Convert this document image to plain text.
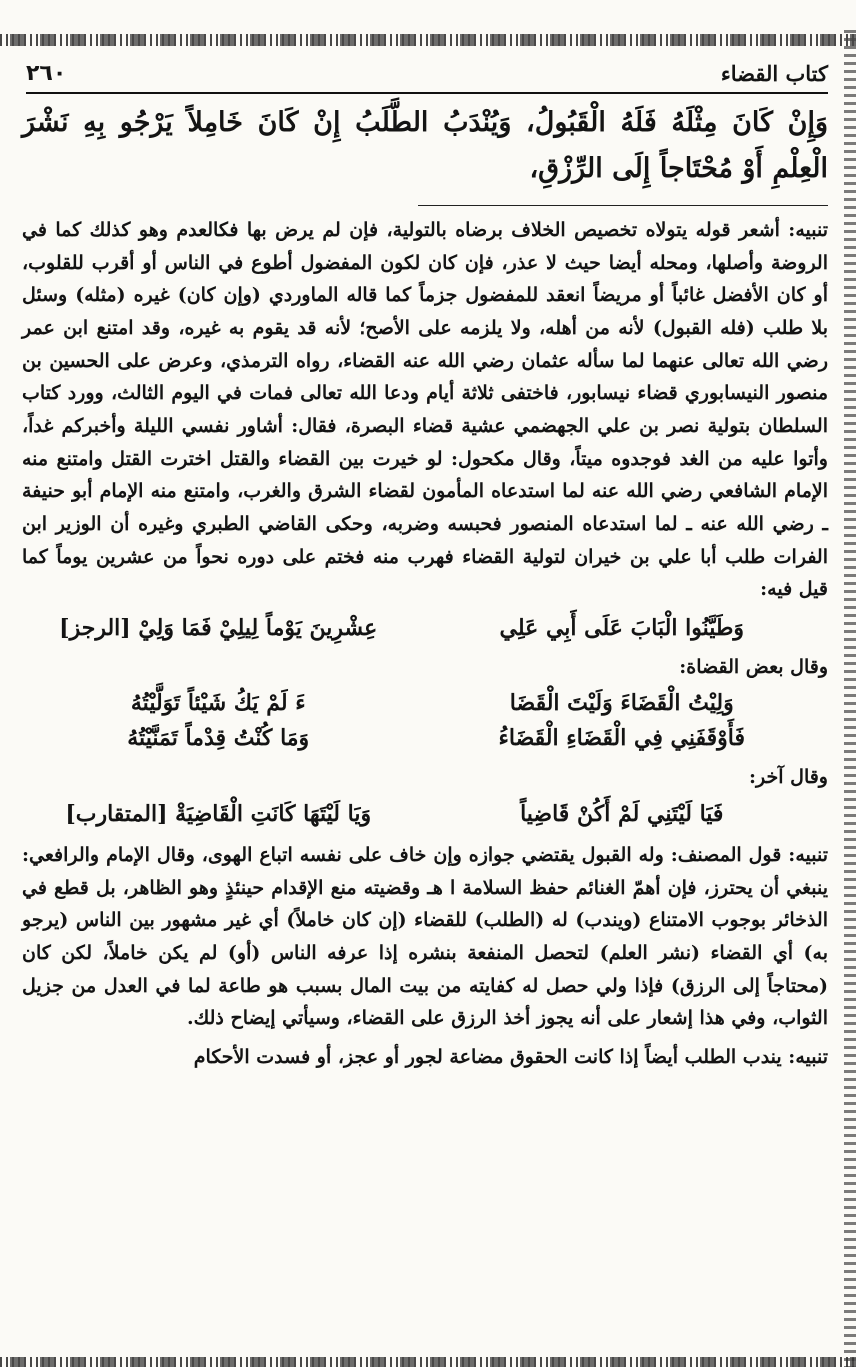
كتاب القضاء
٢٦٠
وَإِنْ كَانَ مِثْلَهُ فَلَهُ الْقَبُولُ، وَيُنْدَبُ الطَّلَبُ إِنْ كَانَ خَامِلاً يَرْجُو بِهِ نَشْرَ الْعِلْمِ أَوْ مُحْتَاجاً إِلَى الرِّزْقِ،

تنبيه: أشعر قوله يتولاه تخصيص الخلاف برضاه بالتولية، فإن لم يرض بها فكالعدم وهو كذلك كما في الروضة وأصلها، ومحله أيضا حيث لا عذر، فإن كان لكون المفضول أطوع في الناس أو أقرب للقلوب، أو كان الأفضل غائباً أو مريضاً انعقد للمفضول جزماً كما قاله الماوردي (وإن كان) غيره (مثله) وسئل بلا طلب (فله القبول) لأنه من أهله، ولا يلزمه على الأصح؛ لأنه قد يقوم به غيره، وقد امتنع ابن عمر رضي الله تعالى عنهما لما سأله عثمان رضي الله عنه القضاء، رواه الترمذي، وعرض على الحسين بن منصور النيسابوري قضاء نيسابور، فاختفى ثلاثة أيام ودعا الله تعالى فمات في اليوم الثالث، وورد كتاب السلطان بتولية نصر بن علي الجهضمي عشية قضاء البصرة، فقال: أشاور نفسي الليلة وأخبركم غداً، وأتوا عليه من الغد فوجدوه ميتاً، وقال مكحول: لو خيرت بين القضاء والقتل اخترت القتل وامتنع منه الإمام الشافعي رضي الله عنه لما استدعاه المأمون لقضاء الشرق والغرب، وامتنع منه الإمام أبو حنيفة ـ رضي الله عنه ـ لما استدعاه المنصور فحبسه وضربه، وحكى القاضي الطبري وغيره أن الوزير ابن الفرات طلب أبا علي بن خيران لتولية القضاء فهرب منه فختم على دوره نحواً من عشرين يوماً كما قيل فيه:

وَطَيَّنُوا الْبَابَ عَلَى أَبِي عَلِي
عِشْرِينَ يَوْماً لِيلِيْ فَمَا وَلِيْ [الرجز]
وقال بعض القضاة:
وَلِيْتُ الْقَضَاءَ وَلَيْتَ الْقَضَا
ءَ لَمْ يَكُ شَيْئاً تَوَلَّيْتُهُ
فَأَوْقَفَنِي فِي الْقَضَاءِ الْقَضَاءُ
وَمَا كُنْتُ قِدْماً تَمَنَّيْتُهُ
وقال آخر:
فَيَا لَيْتَنِي لَمْ أَكُنْ قَاضِياً
وَيَا لَيْتَهَا كَانَتِ الْقَاضِيَةْ [المتقارب]

تنبيه: قول المصنف: وله القبول يقتضي جوازه وإن خاف على نفسه اتباع الهوى، وقال الإمام والرافعي: ينبغي أن يحترز، فإن أهمّ الغنائم حفظ السلامة ا هـ وقضيته منع الإقدام حينئذٍ وهو الظاهر، بل قطع في الذخائر بوجوب الامتناع (ويندب) له (الطلب) للقضاء (إن كان خاملاً) أي غير مشهور بين الناس (يرجو به) أي القضاء (نشر العلم) لتحصل المنفعة بنشره إذا عرفه الناس (أو) لم يكن خاملاً، لكن كان (محتاجاً إلى الرزق) فإذا ولي حصل له كفايته من بيت المال بسبب هو طاعة لما في العدل من جزيل الثواب، وفي هذا إشعار على أنه يجوز أخذ الرزق على القضاء، وسيأتي إيضاح ذلك.

تنبيه: يندب الطلب أيضاً إذا كانت الحقوق مضاعة لجور أو عجز، أو فسدت الأحكام
